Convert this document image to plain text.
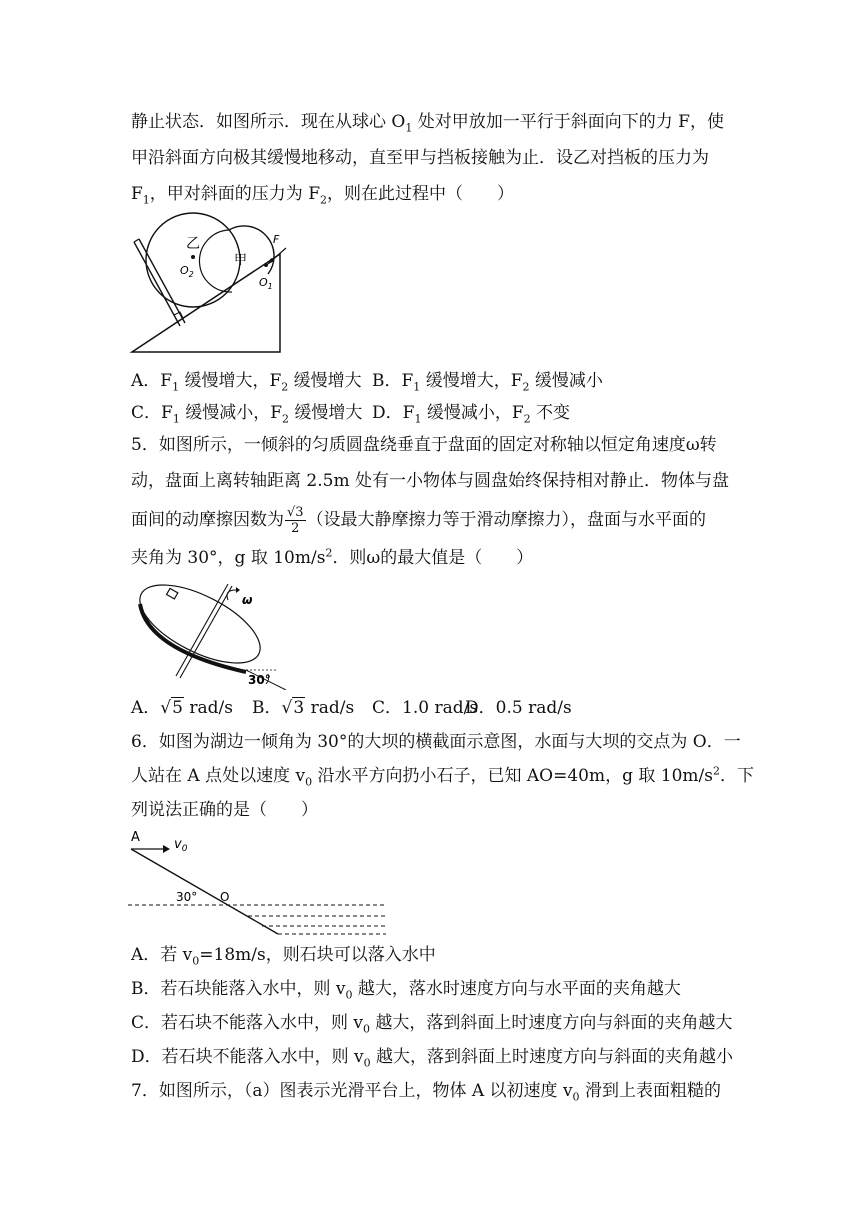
静止状态．如图所示．现在从球心 $O_1$ 处对甲放加一平行于斜面向下的力 F，使
甲沿斜面方向极其缓慢地移动，直至甲与挡板接触为止．设乙对挡板的压力为
$F_1$，甲对斜面的压力为 $F_2$，则在此过程中（　　）
乙
$O_2$
甲
$O_1$
F
A．$F_1$ 缓慢增大，$F_2$ 缓慢增大 B．$F_1$ 缓慢增大，$F_2$ 缓慢减小
C．$F_1$ 缓慢减小，$F_2$ 缓慢增大 D．$F_1$ 缓慢减小，$F_2$ 不变
5．如图所示，一倾斜的匀质圆盘绕垂直于盘面的固定对称轴以恒定角速度ω转
动，盘面上离转轴距离 2.5m 处有一小物体与圆盘始终保持相对静止．物体与盘
面间的动摩擦因数为 $\frac{√3}{2}$ （设最大静摩擦力等于滑动摩擦力），盘面与水平面的
夹角为 30°，g 取 $10m/s^2$．则ω的最大值是（　　）
ω
30°
A．√5 rad/s B．√3 rad/s C．1.0 rad/s
D．0.5 rad/s
6．如图为湖边一倾角为 30°的大坝的横截面示意图，水面与大坝的交点为 O．一
人站在 A 点处以速度 $v_0$ 沿水平方向扔小石子，已知 AO=40m，g 取 $10m/s^2$．下
列说法正确的是（　　）
A	$v_0$
30° O
A．若 $v_0=18m/s$，则石块可以落入水中
B．若石块能落入水中，则 $v_0$ 越大，落水时速度方向与水平面的夹角越大
C．若石块不能落入水中，则 $v_0$ 越大，落到斜面上时速度方向与斜面的夹角越大
D．若石块不能落入水中，则 $v_0$ 越大，落到斜面上时速度方向与斜面的夹角越小
7．如图所示，（a）图表示光滑平台上，物体 A 以初速度 $v_0$ 滑到上表面粗糙的
